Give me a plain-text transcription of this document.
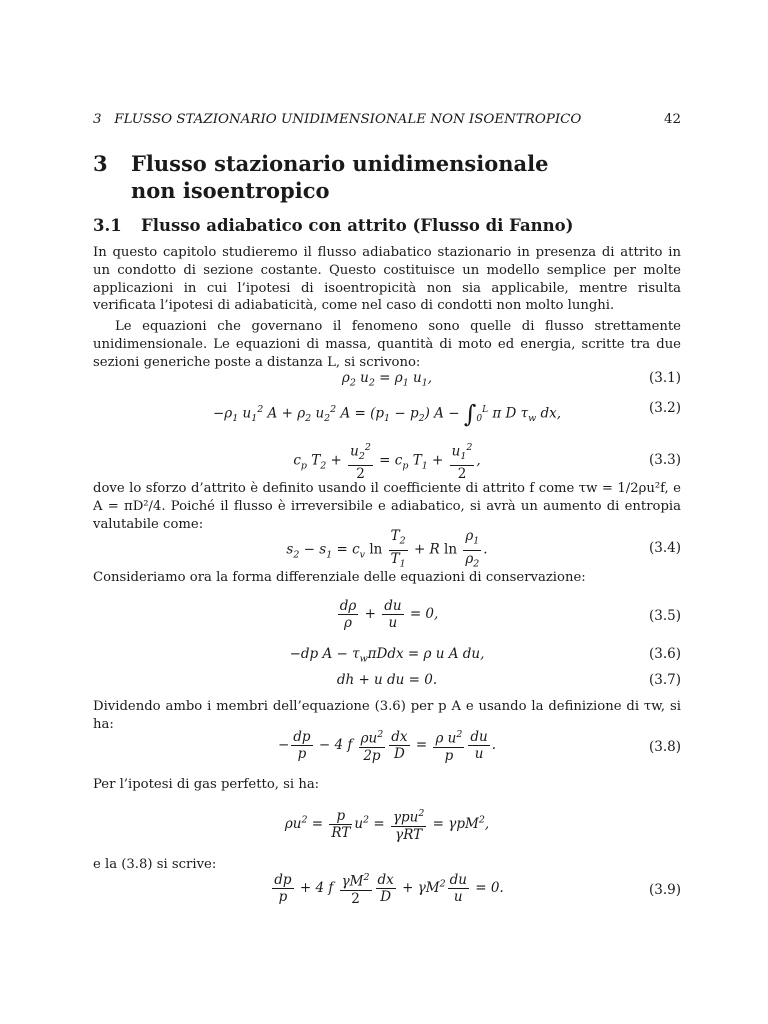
3   FLUSSO STAZIONARIO UNIDIMENSIONALE NON ISOENTROPICO	42
3 Flusso stazionario unidimensionale
non isoentropico
3.1 Flusso adiabatico con attrito (Flusso di Fanno)
In questo capitolo studieremo il flusso adiabatico stazionario in presenza di attrito in un condotto di sezione costante. Questo costituisce un modello semplice per molte applicazioni in cui l’ipotesi di isoentropicità non sia applicabile, mentre risulta verificata l’ipotesi di adiabaticità, come nel caso di condotti non molto lunghi.
Le equazioni che governano il fenomeno sono quelle di flusso strettamente unidimensionale. Le equazioni di massa, quantità di moto ed energia, scritte tra due sezioni generiche poste a distanza L, si scrivono:
$\rho_2$ $u_2 = \rho_1$ $u_1$,	(3.1)
$-\rho_1$ $u_1^2$ $A + \rho_2$ $u_2^2$ $A = (p_1 - p_2) A - \int_0^L$ π D $\tau_w$ dx,	(3.2)
$c_p$ $T_2 + \frac{u_2^2}{2} = c_p$ $T_1 + \frac{u_1^2}{2}$ ,	(3.3)
dove lo sforzo d’attrito è definito usando il coefficiente di attrito f come τw = 1/2ρu²f, e A = πD²/4. Poiché il flusso è irreversibile e adiabatico, si avrà un aumento di entropia valutabile come:
$s_2 - s_1 = c_v$ $\ln \frac{T_2}{T_1} + R$ $\ln \frac{\rho_1}{\rho_2}$ .	(3.4)
Consideriamo ora la forma differenziale delle equazioni di conservazione:
$\frac{d\rho}{\rho} + \frac{du}{u} = 0$,	(3.5)
−dp $A - \tau_w\pi Ddx = \rho$ u A du,	(3.6)
dh + u du = 0.	(3.7)
Dividendo ambo i membri dell’equazione (3.6) per p A e usando la definizione di τw, si ha:
− $\frac{dp}{p} - 4$ f $\frac{\rho u^2}{2p} \frac{dx}{D} = \frac{\rho u^2}{p} \frac{du}{u}$ .	(3.8)
Per l’ipotesi di gas perfetto, si ha:
$\rho u^2 = \frac{p}{RT} u^2 = \frac{\gamma pu^2}{\text{γRT}} = \gamma pM^2$,
e la (3.8) si scrive:
$\frac{dp}{p} + 4$ f $\frac{\gamma M^2}{2} \frac{dx}{D} + \gamma M^2 \frac{du}{u} = 0$.	(3.9)
